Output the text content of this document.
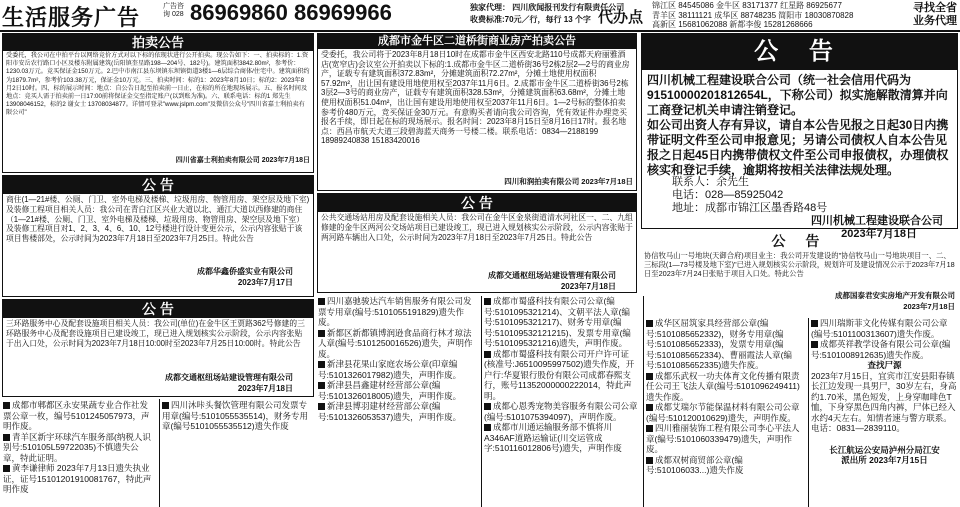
生活服务广告	广告咨询 028 86969860 86969966	独家代理： 四川欣闻报刊发行有限责任公司
收费标准:70元／行，每行 13 个字 代办点
锦江区 84545086 金牛区 83171377 红星路 86925677
青羊区 38111121 成华区 88748235 简阳市 18030870828
高新区 15681062088 新都李俊 15281268666
寻找全省
业务代理
拍卖公告
受委托，我公司在中拍平台以网络竞价方式对以下标的依现状进行公开拍卖。现公告如下：一、拍卖标的：1.资阳市安岳农行路口小区及楼东附属建筑(岳阳镇奎星路198—204号、182号)。建筑面积3842.80m²，参考价：1230.03万元。竞买保证金150万元。2.巴中市南江县东坝镇东坝镇街道3楼1—6层综合商体/住宅中。建筑面积约为1879.7m²，参考价103.38万元，保证金10万元。三、拍卖时间：标的1：2023年8月10日；标的2：2023年8月2日10时。四、标的展示时间：地点：自公告日起至拍卖前一日止，在标的所在地现场展示。五、报名时间及地点：竞买人需于拍卖前一日17:00前将保证金交至指定账户(以到账为准)。六、联系电话：标的1 郑先生 13908046152，标的2 谢女士 13708034877。详情可登录"www.jslpm.com"及微信公众号"四川省嘉士利拍卖有限公司"
四川省嘉士利拍卖有限公司 2023年7月18日
公 告
商住(1—21#楼、公厕、门卫、室外电梯及楼梯、垃圾用房、物管用房、架空层及地下室)及装修工程项目相关人员：我公司在青白江区兴业大道以北、通江大道以西修建的商住（1—21#楼、公厕、门卫、室外电梯及楼梯、垃圾用房、物管用房、架空层及地下室）及装修工程项目对1、2、3、4、6、10、12号楼进行设计变更公示，公示内容张贴于该项目售楼部处，公示时间为2023年7月18日至2023年7月25日。特此公告
成都华鑫侨盛实业有限公司
2023年7月17日
公 告
三环路服务中心及配套设施项目相关人员：我公司(单位)在金牛区王贾路362号修建的三环路服务中心及配套设施项目已建设竣工，现已进入规划核实公示阶段，公示内容张贴于出入口处，公示时间为2023年7月18日10:00时至2023年7月25日10:00时。特此公告
成都交通枢纽场站建设管理有限公司
2023年7月18日

成都市郫都区永安果蔬专业合作社发票公章一枚，编号5101245057973，声明作废。

青羊区新宇环球汽车服务部(纳税人识别号:510105L59722035)不慎遗失公章，特此证明。

黄李谦律师 2023年7月13日遗失执业证，证号15101201910081767，特此声明作废

四川沐咔头餐饮管理有限公司发票专用章(编号:5101055535514)，财务专用章(编号5101055535512)遗失作废

成都市金牛区二道桥街商业房产拍卖公告
受委托，我公司将于2023年8月18日10时在成都市金牛区西安北路110号成都天府丽雅酒店(宽窄店)会议室公开拍卖以下标的:1.成都市金牛区二道桥街36号2栋2层2—2号的商业房产，证载专有建筑面积372.83m²，分摊建筑面积72.27m²，分摊土地使用权面积57.92m²，出让国有建设用地使用权至2037年11月6日。2.成都市金牛区二道桥街36号2栋3层2—3号的商业房产，证载专有建筑面积328.53m²，分摊建筑面积63.68m²，分摊土地使用权面积51.04m²，出让国有建设用地使用权至2037年11月6日。1—2号标的整体拍卖参考价480万元，竞买保证金30万元。有意购买者请向我公司咨询，凭有效证件办理竞买报名手续，即日起在标的现场展示。报名时间：2023年8月15日至8月16日17时。报名地点：西昌市航天大道三段碧海蓝天商务一号楼二楼。联系电话：0834—2188199 18989240838 15183420016
四川和润拍卖有限公司 2023年7月18日
公 告
公共交通场站用房及配套设施相关人员：我公司在金牛区金泉街道清水河社区一、二、九组修建的金牛区两河公交场站项目已建设竣工，现已进入规划核实公示阶段，公示内容张贴于两河路车辆出入口处，公示时间为2023年7月18日至2023年7月25日。特此公告
成都交通枢纽场站建设管理有限公司
2023年7月18日

四川嘉驰骏达汽车销售服务有限公司发票专用章(编号:5101055191829)遗失作废。

新都区新都镇博润逊食品商行林才琼法人章(编号:5101250016526)遗失，声明作废。

新津县花果山家庭农场公章(印章编号:5101326017982)遗失，声明作废。

新津县昌鑫建材经营部公章(编号:5101326018005)遗失，声明作废。

新津县博羽建材经营部公章(编号:5101326053537)遗失，声明作废。

成都市蜀盛科技有限公司公章(编号:5101095321214)、文朝平法人章(编号:5101095321217)、财务专用章(编号:510109532121215)、发票专用章(编号:5101095321216)遗失，声明作废。

成都市蜀盛科技有限公司开户许可证(核准号:J6510095997502)遗失作废，开户行:华夏银行股份有限公司成都春熙支行，账号11352000000222014，特此声明。

成都心恩秀宠物美容服务有限公司公章(编号:5101075394097)，声明作废。

成都市川通运输服务部不慎将川A346AF道路运输证(川交运管成字:510116012806号)遗失，声明作废

成华区屈筑家具经营部公章(编号:5101085652332)，财务专用章(编号:5101085652333)，发票专用章(编号:5101085652334)、曹丽霞法人章(编号:5101085652335)遗失作废。

成都乐武权一功夫体育文化传播有限责任公司王飞法人章(编号:5101096249411)遗失作废。

成都艾瑞尔节能保温材料有限公司公章(编号:510120010629)遗失，声明作废。

四川雅丽装饰工程有限公司李心平法人章(编号:5101060339479)遗失，声明作废。

成都双树商贸部公章(编号:510106033...)遗失作废

公 告
四川机械工程建设联合公司（统一社会信用代码为91510000201812654L，下称公司）拟实施解散清算并向工商登记机关申请注销登记。
如公司出资人存有异议，请自本公告见报之日起30日内携带证明文件至公司申报意见；另请公司债权人自本公告见报之日起45日内携带债权文件至公司申报债权，办理债权核实和登记手续，逾期将按相关法律法规处理。
联系人：余先生
电话：028—85925042
地址：成都市锦江区墨香路48号
四川机械工程建设联合公司
2023年7月18日
公 告
协信牧马山一号地块(天御合府)项目业主：我公司开发建设的"协信牧马山一号地块项目一、二、三标段(1—73号楼及地下室)"已进入规划核实公示阶段，规划许可及建设情况公示于2023年7月18日至2023年7月24日张贴于项目入口处。特此公告
成都国泰君安实房地产开发有限公司
2023年7月18日

四川瑞斯菲文化传媒有限公司公章(编号:5101100313607)遗失作废。

成都英祥教学设备有限公司公章(编号:5101008912635)遗失作废。

查找尸源

2023年7月15日，宜宾市江安县阳春镇长江边发现一具男尸，30岁左右，身高约1.70米，黑色短发，上身穿咖啡色T恤，下身穿黑色四角内裤，尸体已经入水约4天左右。知情者速与警方联系。电话：0831—2839110。

长江航运公安局泸州分局江安

派出所 2023年7月15日
